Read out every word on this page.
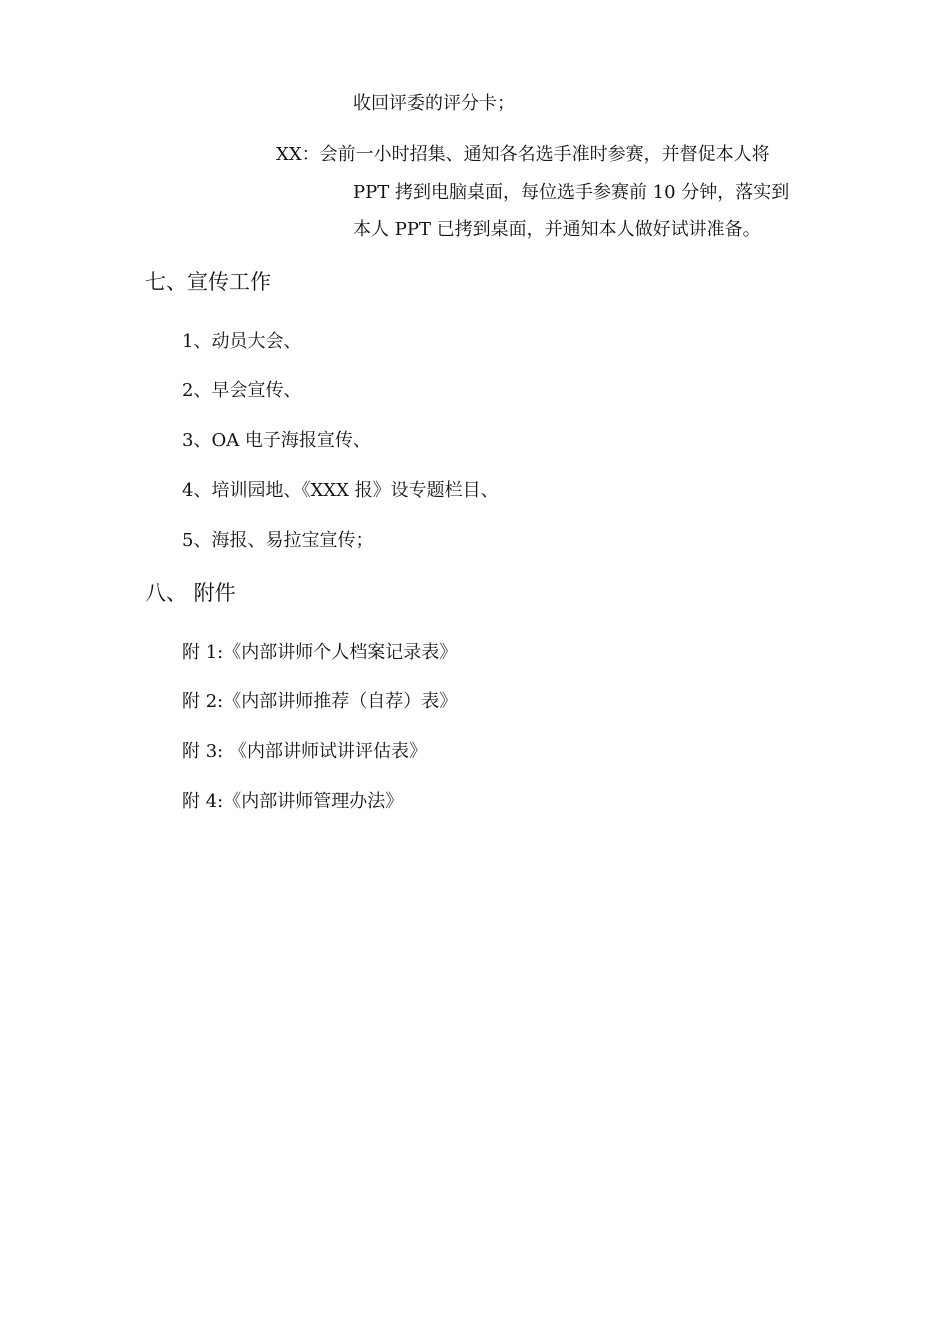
收回评委的评分卡；
XX：会前一小时招集、通知各名选手准时参赛，并督促本人将
PPT 拷到电脑桌面，每位选手参赛前 10 分钟，落实到
本人 PPT 已拷到桌面，并通知本人做好试讲准备。
七、宣传工作
1、动员大会、
2、早会宣传、
3、OA 电子海报宣传、
4、培训园地、《XXX 报》设专题栏目、
5、海报、易拉宝宣传；
八、 附件
附 1:《内部讲师个人档案记录表》
附 2:《内部讲师推荐（自荐）表》
附 3: 《内部讲师试讲评估表》
附 4:《内部讲师管理办法》
